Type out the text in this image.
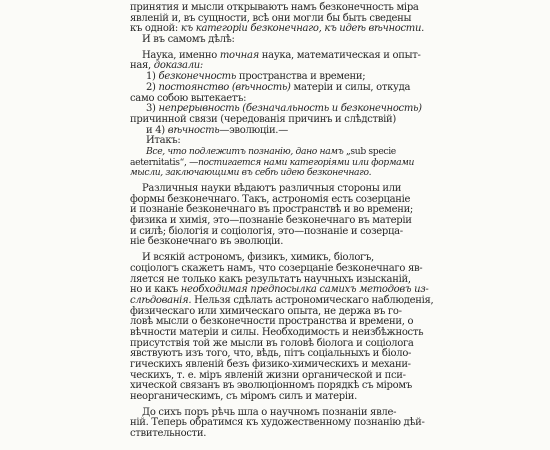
принятия и мысли открываютъ намъ безконечность міра
явленій и, въ сущности, всѣ они могли бы быть сведены
къ одной: къ категоріи безконечнаго, къ идеѣ вѣчности.
И въ самомъ дѣлѣ:
Наука, именно точная наука, математическая и опыт-
ная, доказали:
1) безконечность пространства и времени;
2) постоянство (вѣчность) матеріи и силы, откуда
само собою вытекаетъ:
3) непрерывность (безначальность и безконечность)
причинной связи (чередованія причинъ и слѣдствій)
и 4) вѣчность—эволюціи.—
Итакъ:
Все, что подлежитъ познанію, дано намъ „sub specie
aeternitatis“, —постигается нами категоріями или формами
мысли, заключающими въ себѣ идею безконечнаго.
Различныя науки вѣдаютъ различныя стороны или
формы безконечнаго. Такъ, астрономія есть созерцаніе
и познаніе безконечнаго въ пространствѣ и во времени;
физика и химія, это—познаніе безконечнаго въ матеріи
и силѣ; біологія и соціологія, это—познаніе и созерца-
ніе безконечнаго въ эволюціи.
И всякій астрономъ, физикъ, химикъ, біологъ,
соціологъ скажетъ намъ, что созерцаніе безконечнаго яв-
ляется не только какъ результатъ научныхъ изысканій,
но и какъ необходимая предпосылка самихъ методовъ из-
слѣдованія. Нельзя сдѣлать астрономическаго наблюденія,
физическаго или химическаго опыта, не держа въ го-
ловѣ мысли о безконечности пространства и времени, о
вѣчности матеріи и силы. Необходимость и неизбѣжность
присутствія той же мысли въ головѣ біолога и соціолога
явствуютъ изъ того, что, вѣдь, пітъ соціальныхъ и біоло-
гическихъ явленій безъ физико-химическихъ и механи-
ческихъ, т. е. міръ явленій жизни органической и пси-
хической связанъ въ эволюціонномъ порядкѣ съ міромъ
неорганическимъ, съ міромъ силъ и матеріи.
До сихъ поръ рѣчь шла о научномъ познаніи явле-
ній. Теперь обратимся къ художественному познанію дѣй-
ствительности.
